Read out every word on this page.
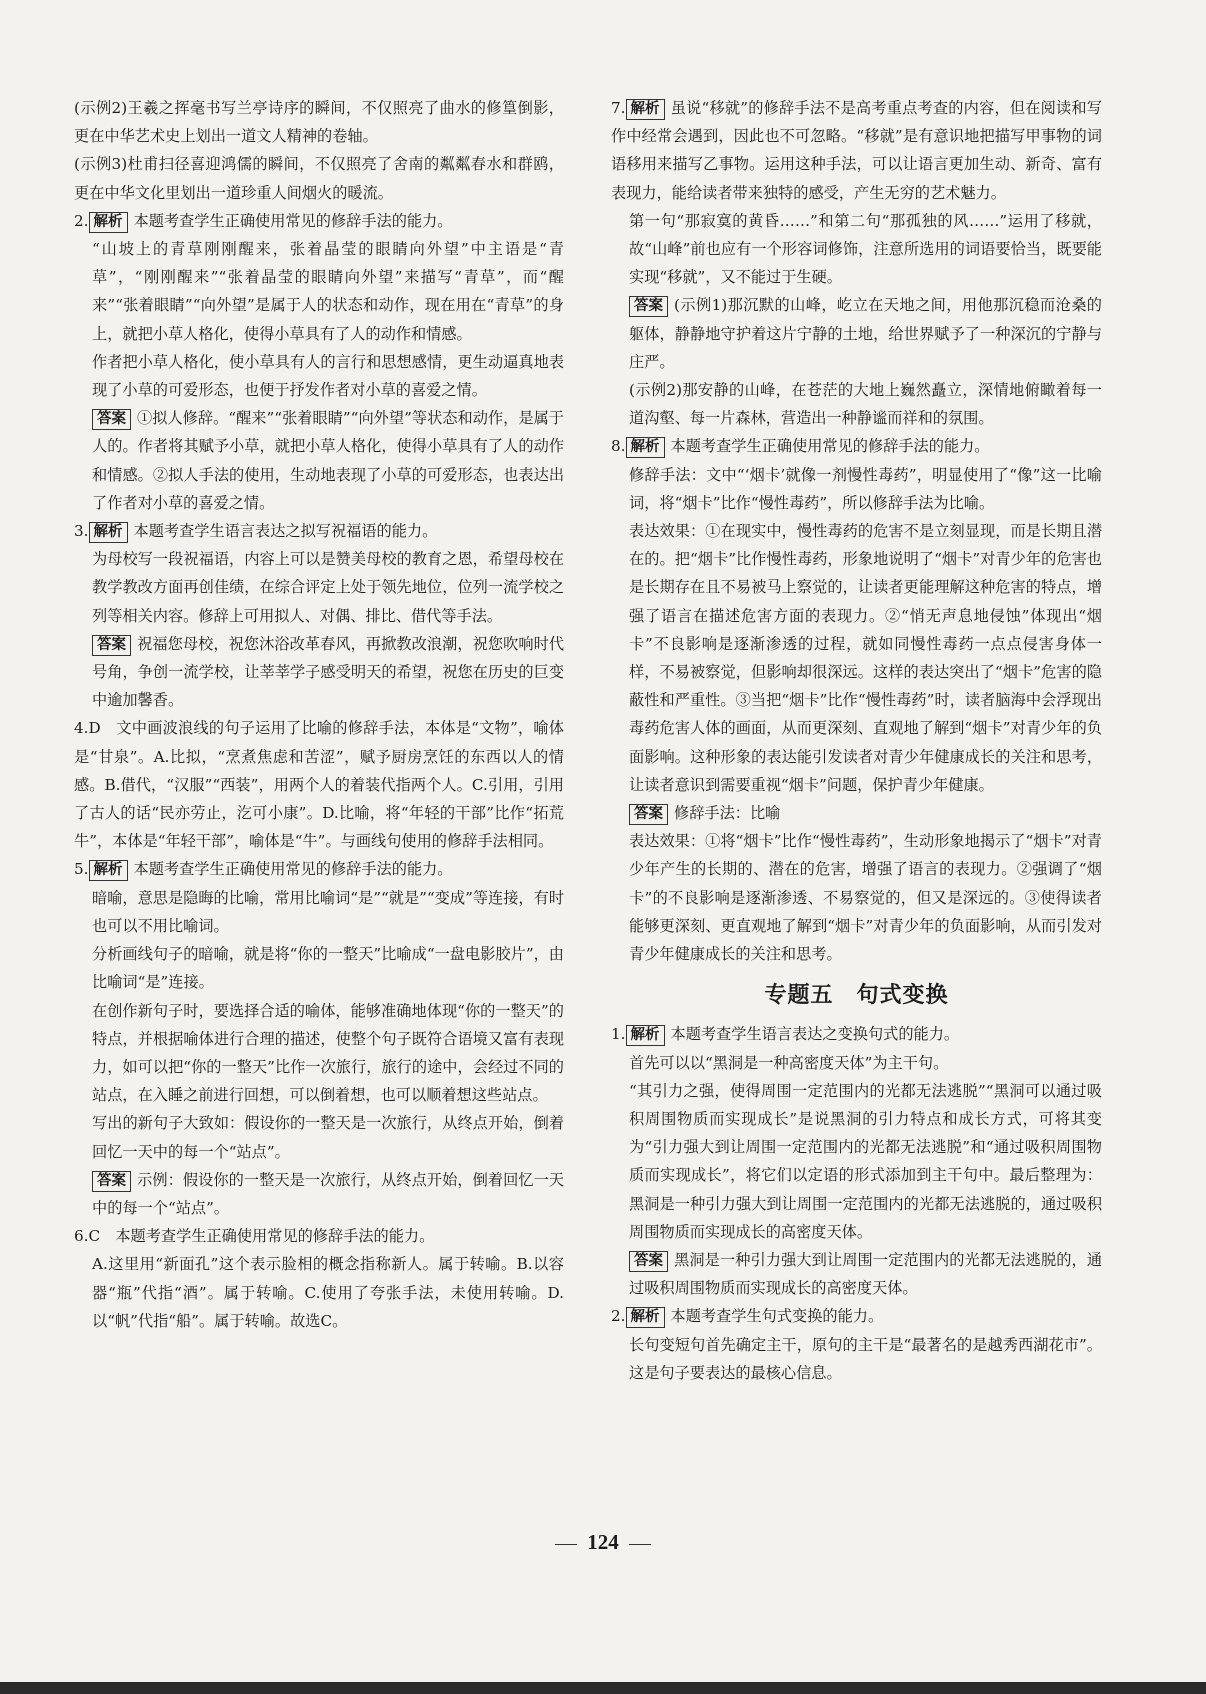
(示例2)王羲之挥毫书写兰亭诗序的瞬间，不仅照亮了曲水的修篁倒影，更在中华艺术史上划出一道文人精神的卷轴。

(示例3)杜甫扫径喜迎鸿儒的瞬间，不仅照亮了舍南的粼粼春水和群鸥，更在中华文化里划出一道珍重人间烟火的暖流。

2. 解析 本题考查学生正确使用常见的修辞手法的能力。

“山坡上的青草刚刚醒来，张着晶莹的眼睛向外望”中主语是“青草”，“刚刚醒来”“张着晶莹的眼睛向外望”来描写“青草”，而“醒来”“张着眼睛”“向外望”是属于人的状态和动作，现在用在“青草”的身上，就把小草人格化，使得小草具有了人的动作和情感。

作者把小草人格化，使小草具有人的言行和思想感情，更生动逼真地表现了小草的可爱形态，也便于抒发作者对小草的喜爱之情。

答案 ①拟人修辞。“醒来”“张着眼睛”“向外望”等状态和动作，是属于人的。作者将其赋予小草，就把小草人格化，使得小草具有了人的动作和情感。②拟人手法的使用，生动地表现了小草的可爱形态，也表达出了作者对小草的喜爱之情。

3. 解析 本题考查学生语言表达之拟写祝福语的能力。

为母校写一段祝福语，内容上可以是赞美母校的教育之恩，希望母校在教学教改方面再创佳绩，在综合评定上处于领先地位，位列一流学校之列等相关内容。修辞上可用拟人、对偶、排比、借代等手法。

答案 祝福您母校，祝您沐浴改革春风，再掀教改浪潮，祝您吹响时代号角，争创一流学校，让莘莘学子感受明天的希望，祝您在历史的巨变中逾加馨香。

4.D　 文中画波浪线的句子运用了比喻的修辞手法，本体是“文物”，喻体是“甘泉”。A.比拟，“烹煮焦虑和苦涩”，赋予厨房烹饪的东西以人的情感。B.借代，“汉服”“西装”，用两个人的着装代指两个人。C.引用，引用了古人的话“民亦劳止，汔可小康”。D.比喻，将“年轻的干部”比作“拓荒牛”，本体是“年轻干部”，喻体是“牛”。与画线句使用的修辞手法相同。

5. 解析 本题考查学生正确使用常见的修辞手法的能力。

暗喻，意思是隐晦的比喻，常用比喻词“是”“就是”“变成”等连接，有时也可以不用比喻词。

分析画线句子的暗喻，就是将“你的一整天”比喻成“一盘电影胶片”，由比喻词“是”连接。

在创作新句子时，要选择合适的喻体，能够准确地体现“你的一整天”的特点，并根据喻体进行合理的描述，使整个句子既符合语境又富有表现力，如可以把“你的一整天”比作一次旅行，旅行的途中，会经过不同的站点，在入睡之前进行回想，可以倒着想，也可以顺着想这些站点。

写出的新句子大致如：假设你的一整天是一次旅行，从终点开始，倒着回忆一天中的每一个“站点”。

答案 示例：假设你的一整天是一次旅行，从终点开始，倒着回忆一天中的每一个“站点”。

6.C　 本题考查学生正确使用常见的修辞手法的能力。

A.这里用“新面孔”这个表示脸相的概念指称新人。属于转喻。B.以容器“瓶”代指“酒”。属于转喻。C.使用了夸张手法，未使用转喻。D.以“帆”代指“船”。属于转喻。故选C。

7. 解析 虽说“移就”的修辞手法不是高考重点考查的内容，但在阅读和写作中经常会遇到，因此也不可忽略。“移就”是有意识地把描写甲事物的词语移用来描写乙事物。运用这种手法，可以让语言更加生动、新奇、富有表现力，能给读者带来独特的感受，产生无穷的艺术魅力。

第一句“那寂寞的黄昏……”和第二句“那孤独的风……”运用了移就，故“山峰”前也应有一个形容词修饰，注意所选用的词语要恰当，既要能实现“移就”，又不能过于生硬。

答案 (示例1)那沉默的山峰，屹立在天地之间，用他那沉稳而沧桑的躯体，静静地守护着这片宁静的土地，给世界赋予了一种深沉的宁静与庄严。

(示例2)那安静的山峰，在苍茫的大地上巍然矗立，深情地俯瞰着每一道沟壑、每一片森林，营造出一种静谧而祥和的氛围。

8. 解析 本题考查学生正确使用常见的修辞手法的能力。

修辞手法：文中“‘烟卡’就像一剂慢性毒药”，明显使用了“像”这一比喻词，将“烟卡”比作“慢性毒药”，所以修辞手法为比喻。

表达效果：①在现实中，慢性毒药的危害不是立刻显现，而是长期且潜在的。把“烟卡”比作慢性毒药，形象地说明了“烟卡”对青少年的危害也是长期存在且不易被马上察觉的，让读者更能理解这种危害的特点，增强了语言在描述危害方面的表现力。②“悄无声息地侵蚀”体现出“烟卡”不良影响是逐渐渗透的过程，就如同慢性毒药一点点侵害身体一样，不易被察觉，但影响却很深远。这样的表达突出了“烟卡”危害的隐蔽性和严重性。③当把“烟卡”比作“慢性毒药”时，读者脑海中会浮现出毒药危害人体的画面，从而更深刻、直观地了解到“烟卡”对青少年的负面影响。这种形象的表达能引发读者对青少年健康成长的关注和思考，让读者意识到需要重视“烟卡”问题，保护青少年健康。

答案 修辞手法：比喻

表达效果：①将“烟卡”比作“慢性毒药”，生动形象地揭示了“烟卡”对青少年产生的长期的、潜在的危害，增强了语言的表现力。②强调了“烟卡”的不良影响是逐渐渗透、不易察觉的，但又是深远的。③使得读者能够更深刻、更直观地了解到“烟卡”对青少年的负面影响，从而引发对青少年健康成长的关注和思考。

专题五　句式变换

1. 解析 本题考查学生语言表达之变换句式的能力。

首先可以以“黑洞是一种高密度天体”为主干句。

“其引力之强，使得周围一定范围内的光都无法逃脱”“黑洞可以通过吸积周围物质而实现成长”是说黑洞的引力特点和成长方式，可将其变为“引力强大到让周围一定范围内的光都无法逃脱”和“通过吸积周围物质而实现成长”，将它们以定语的形式添加到主干句中。最后整理为：黑洞是一种引力强大到让周围一定范围内的光都无法逃脱的，通过吸积周围物质而实现成长的高密度天体。

答案 黑洞是一种引力强大到让周围一定范围内的光都无法逃脱的，通过吸积周围物质而实现成长的高密度天体。

2. 解析 本题考查学生句式变换的能力。

长句变短句首先确定主干，原句的主干是“最著名的是越秀西湖花市”。这是句子要表达的最核心信息。

124
